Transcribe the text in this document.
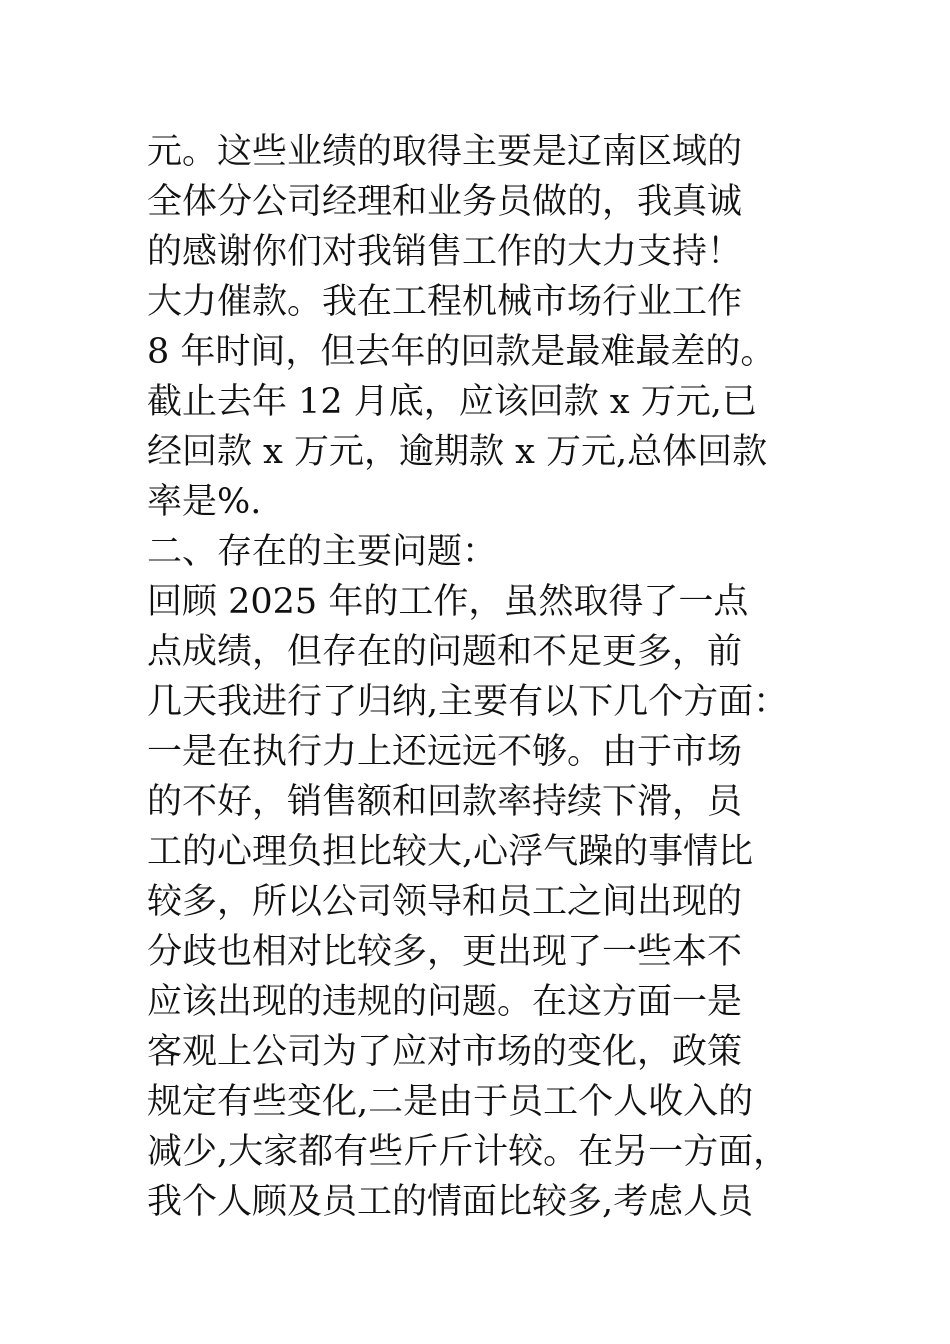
元。这些业绩的取得主要是辽南区域的
全体分公司经理和业务员做的，我真诚
的感谢你们对我销售工作的大力支持！
大力催款。我在工程机械市场行业工作
8 年时间，但去年的回款是最难最差的。
截止去年 12 月底，应该回款 x 万元,已
经回款 x 万元，逾期款 x 万元,总体回款
率是%.
二、存在的主要问题：
回顾 2025 年的工作，虽然取得了一点
点成绩，但存在的问题和不足更多，前
几天我进行了归纳,主要有以下几个方面：
一是在执行力上还远远不够。由于市场
的不好，销售额和回款率持续下滑，员
工的心理负担比较大,心浮气躁的事情比
较多，所以公司领导和员工之间出现的
分歧也相对比较多，更出现了一些本不
应该出现的违规的问题。在这方面一是
客观上公司为了应对市场的变化，政策
规定有些变化,二是由于员工个人收入的
减少,大家都有些斤斤计较。在另一方面，
我个人顾及员工的情面比较多,考虑人员
